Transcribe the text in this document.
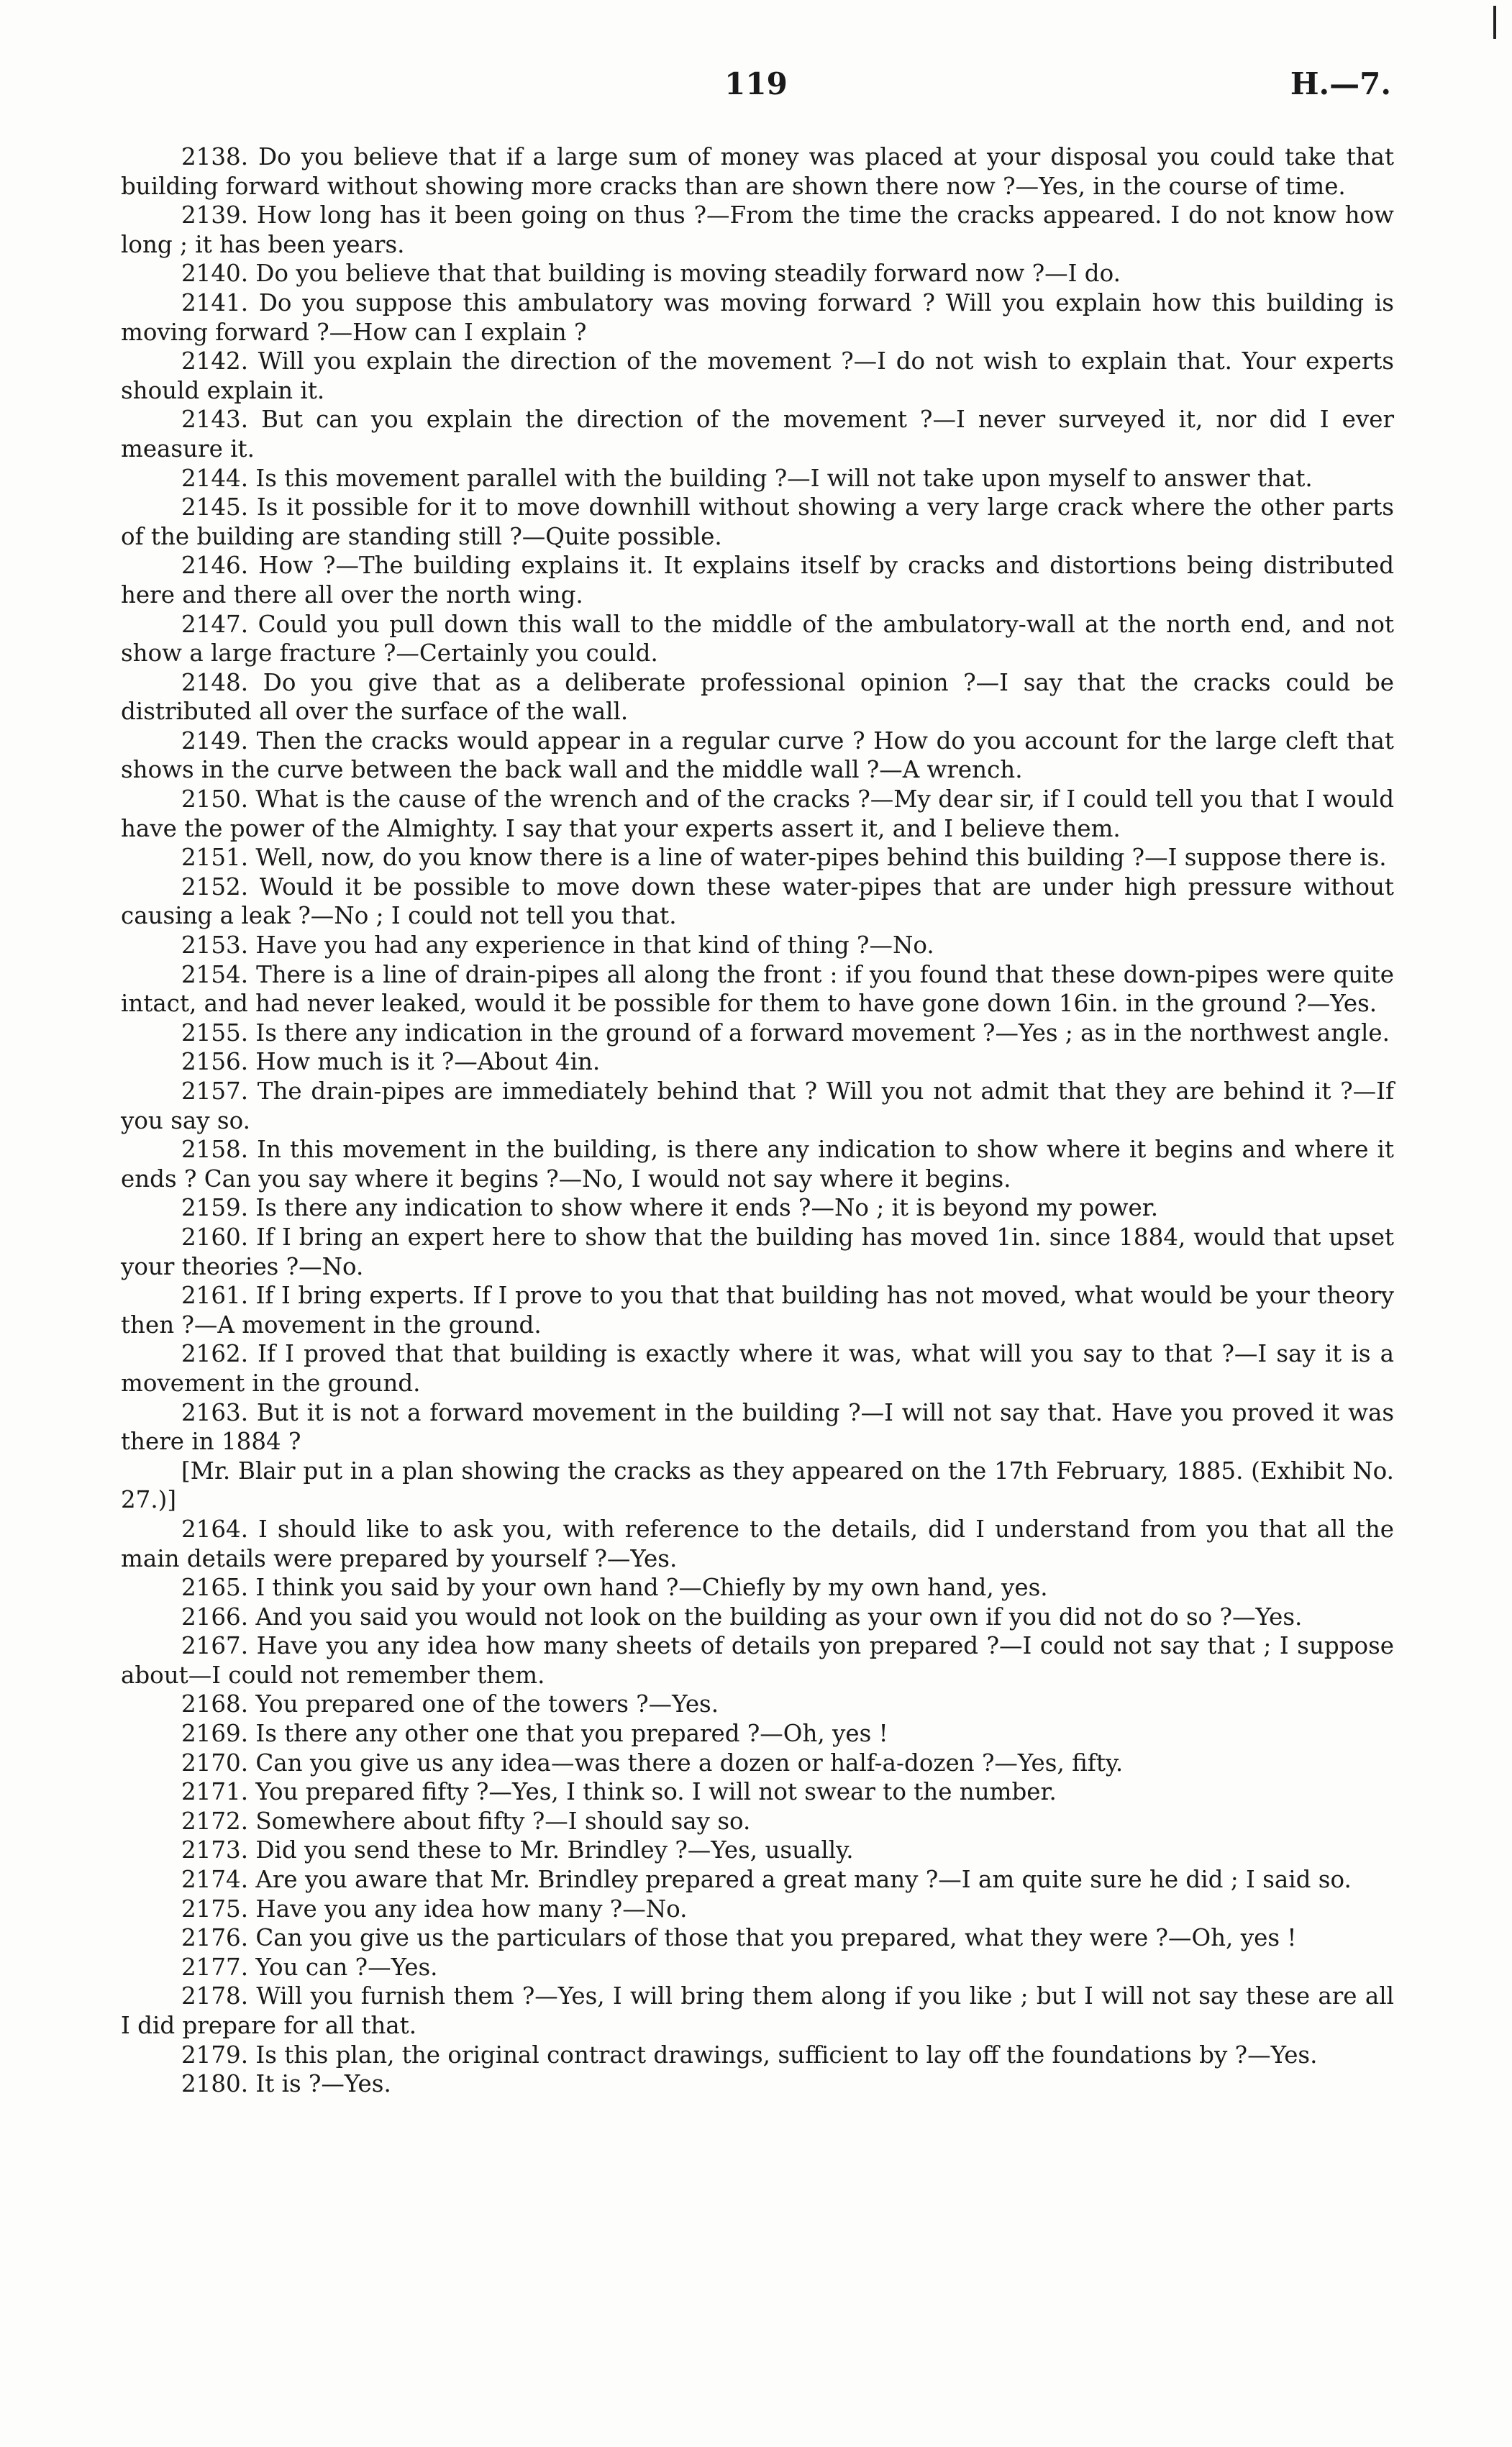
119	H.—7.

2138. Do you believe that if a large sum of money was placed at your disposal you could take that building forward without showing more cracks than are shown there now ?—Yes, in the course of time.

2139. How long has it been going on thus ?—From the time the cracks appeared. I do not know how long ; it has been years.

2140. Do you believe that that building is moving steadily forward now ?—I do.

2141. Do you suppose this ambulatory was moving forward ? Will you explain how this building is moving forward ?—How can I explain ?

2142. Will you explain the direction of the movement ?—I do not wish to explain that. Your experts should explain it.

2143. But can you explain the direction of the movement ?—I never surveyed it, nor did I ever measure it.

2144. Is this movement parallel with the building ?—I will not take upon myself to answer that.

2145. Is it possible for it to move downhill without showing a very large crack where the other parts of the building are standing still ?—Quite possible.

2146. How ?—The building explains it. It explains itself by cracks and distortions being distributed here and there all over the north wing.

2147. Could you pull down this wall to the middle of the ambulatory-wall at the north end, and not show a large fracture ?—Certainly you could.

2148. Do you give that as a deliberate professional opinion ?—I say that the cracks could be distributed all over the surface of the wall.

2149. Then the cracks would appear in a regular curve ? How do you account for the large cleft that shows in the curve between the back wall and the middle wall ?—A wrench.

2150. What is the cause of the wrench and of the cracks ?—My dear sir, if I could tell you that I would have the power of the Almighty. I say that your experts assert it, and I believe them.

2151. Well, now, do you know there is a line of water-pipes behind this building ?—I suppose there is.

2152. Would it be possible to move down these water-pipes that are under high pressure without causing a leak ?—No ; I could not tell you that.

2153. Have you had any experience in that kind of thing ?—No.

2154. There is a line of drain-pipes all along the front : if you found that these down-pipes were quite intact, and had never leaked, would it be possible for them to have gone down 16in. in the ground ?—Yes.

2155. Is there any indication in the ground of a forward movement ?—Yes ; as in the northwest angle.

2156. How much is it ?—About 4in.

2157. The drain-pipes are immediately behind that ? Will you not admit that they are behind it ?—If you say so.

2158. In this movement in the building, is there any indication to show where it begins and where it ends ? Can you say where it begins ?—No, I would not say where it begins.

2159. Is there any indication to show where it ends ?—No ; it is beyond my power.

2160. If I bring an expert here to show that the building has moved 1in. since 1884, would that upset your theories ?—No.

2161. If I bring experts. If I prove to you that that building has not moved, what would be your theory then ?—A movement in the ground.

2162. If I proved that that building is exactly where it was, what will you say to that ?—I say it is a movement in the ground.

2163. But it is not a forward movement in the building ?—I will not say that. Have you proved it was there in 1884 ?

[Mr. Blair put in a plan showing the cracks as they appeared on the 17th February, 1885. (Exhibit No. 27.)]

2164. I should like to ask you, with reference to the details, did I understand from you that all the main details were prepared by yourself ?—Yes.

2165. I think you said by your own hand ?—Chiefly by my own hand, yes.

2166. And you said you would not look on the building as your own if you did not do so ?—Yes.

2167. Have you any idea how many sheets of details yon prepared ?—I could not say that ; I suppose about—I could not remember them.

2168. You prepared one of the towers ?—Yes.

2169. Is there any other one that you prepared ?—Oh, yes !

2170. Can you give us any idea—was there a dozen or half-a-dozen ?—Yes, fifty.

2171. You prepared fifty ?—Yes, I think so. I will not swear to the number.

2172. Somewhere about fifty ?—I should say so.

2173. Did you send these to Mr. Brindley ?—Yes, usually.

2174. Are you aware that Mr. Brindley prepared a great many ?—I am quite sure he did ; I said so.

2175. Have you any idea how many ?—No.

2176. Can you give us the particulars of those that you prepared, what they were ?—Oh, yes !

2177. You can ?—Yes.

2178. Will you furnish them ?—Yes, I will bring them along if you like ; but I will not say these are all I did prepare for all that.

2179. Is this plan, the original contract drawings, sufficient to lay off the foundations by ?—Yes.

2180. It is ?—Yes.
